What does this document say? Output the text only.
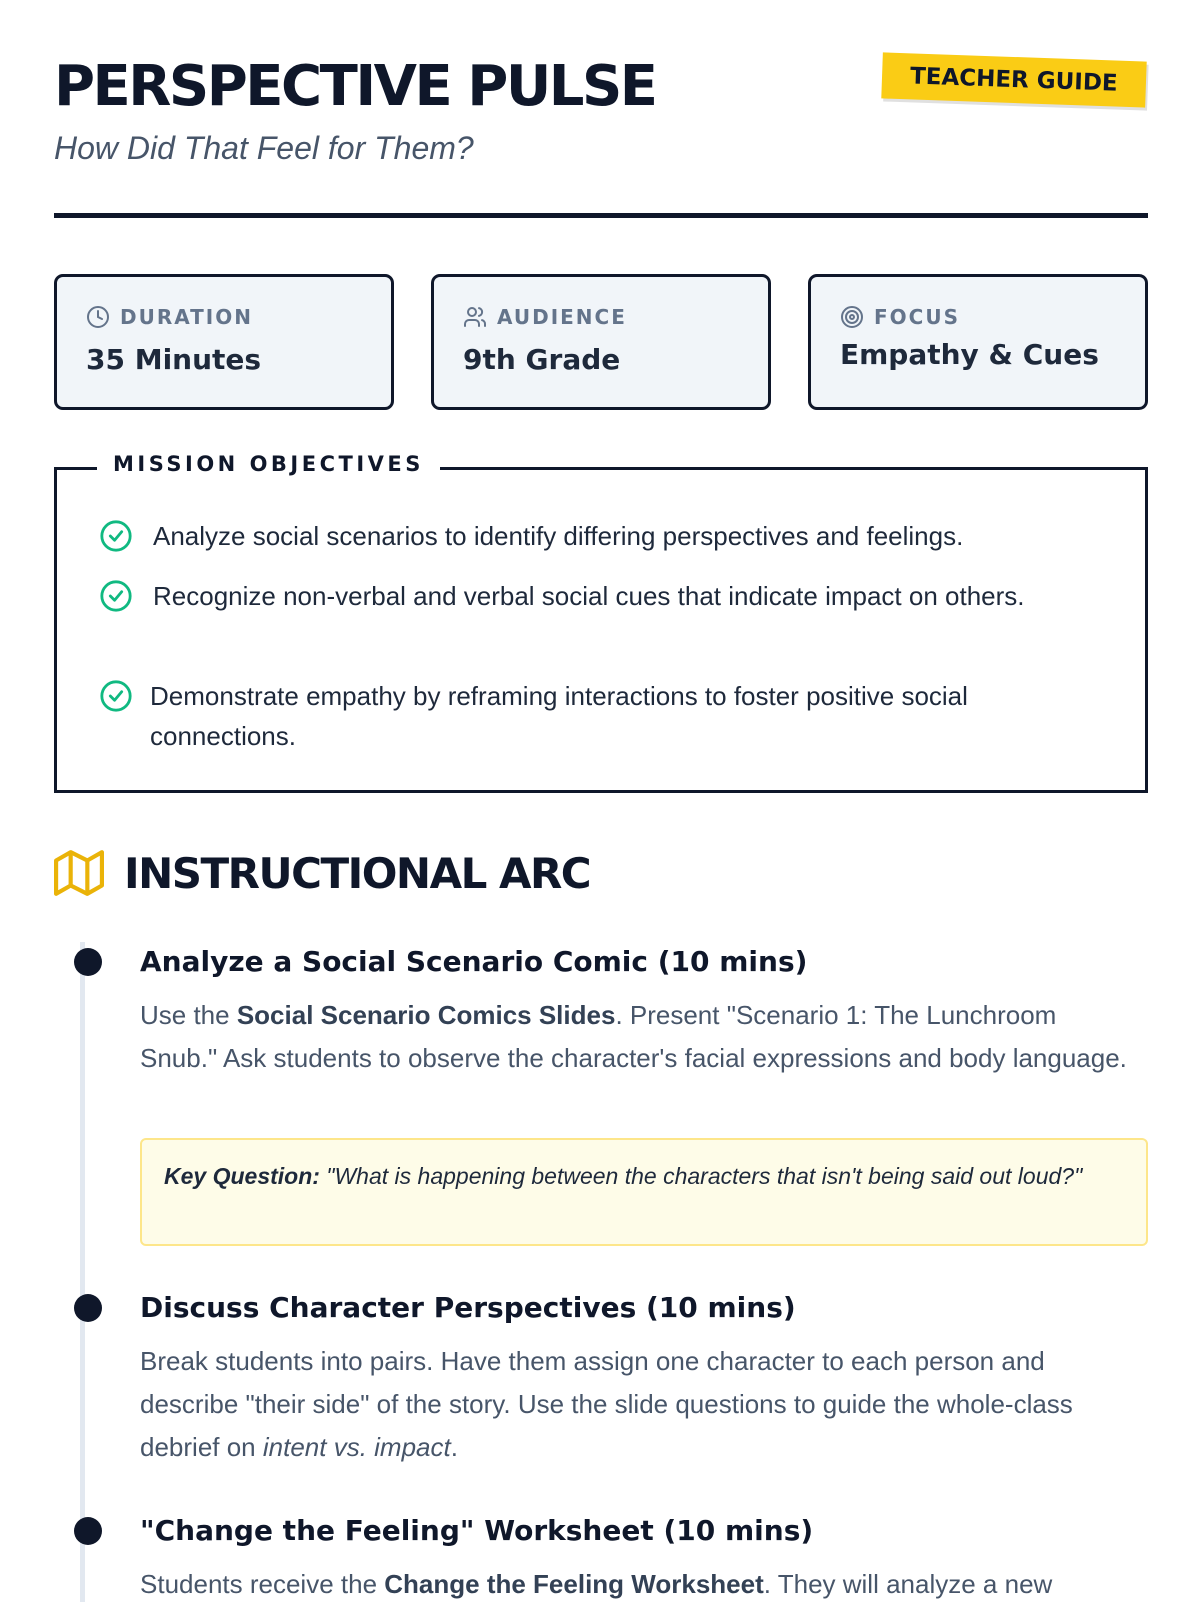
PERSPECTIVE PULSE
How Did That Feel for Them?
TEACHER GUIDE
DURATION
35 Minutes
AUDIENCE
9th Grade
FOCUS
Empathy & Cues
MISSION OBJECTIVES
Analyze social scenarios to identify differing perspectives and feelings.
Recognize non-verbal and verbal social cues that indicate impact on others.
Demonstrate empathy by reframing interactions to foster positive social connections.
INSTRUCTIONAL ARC
Analyze a Social Scenario Comic (10 mins)
Use the Social Scenario Comics Slides. Present "Scenario 1: The Lunchroom Snub." Ask students to observe the character's facial expressions and body language.
Key Question: "What is happening between the characters that isn't being said out loud?"
Discuss Character Perspectives (10 mins)
Break students into pairs. Have them assign one character to each person and describe "their side" of the story. Use the slide questions to guide the whole-class debrief on intent vs. impact.
"Change the Feeling" Worksheet (10 mins)
Students receive the Change the Feeling Worksheet. They will analyze a new
